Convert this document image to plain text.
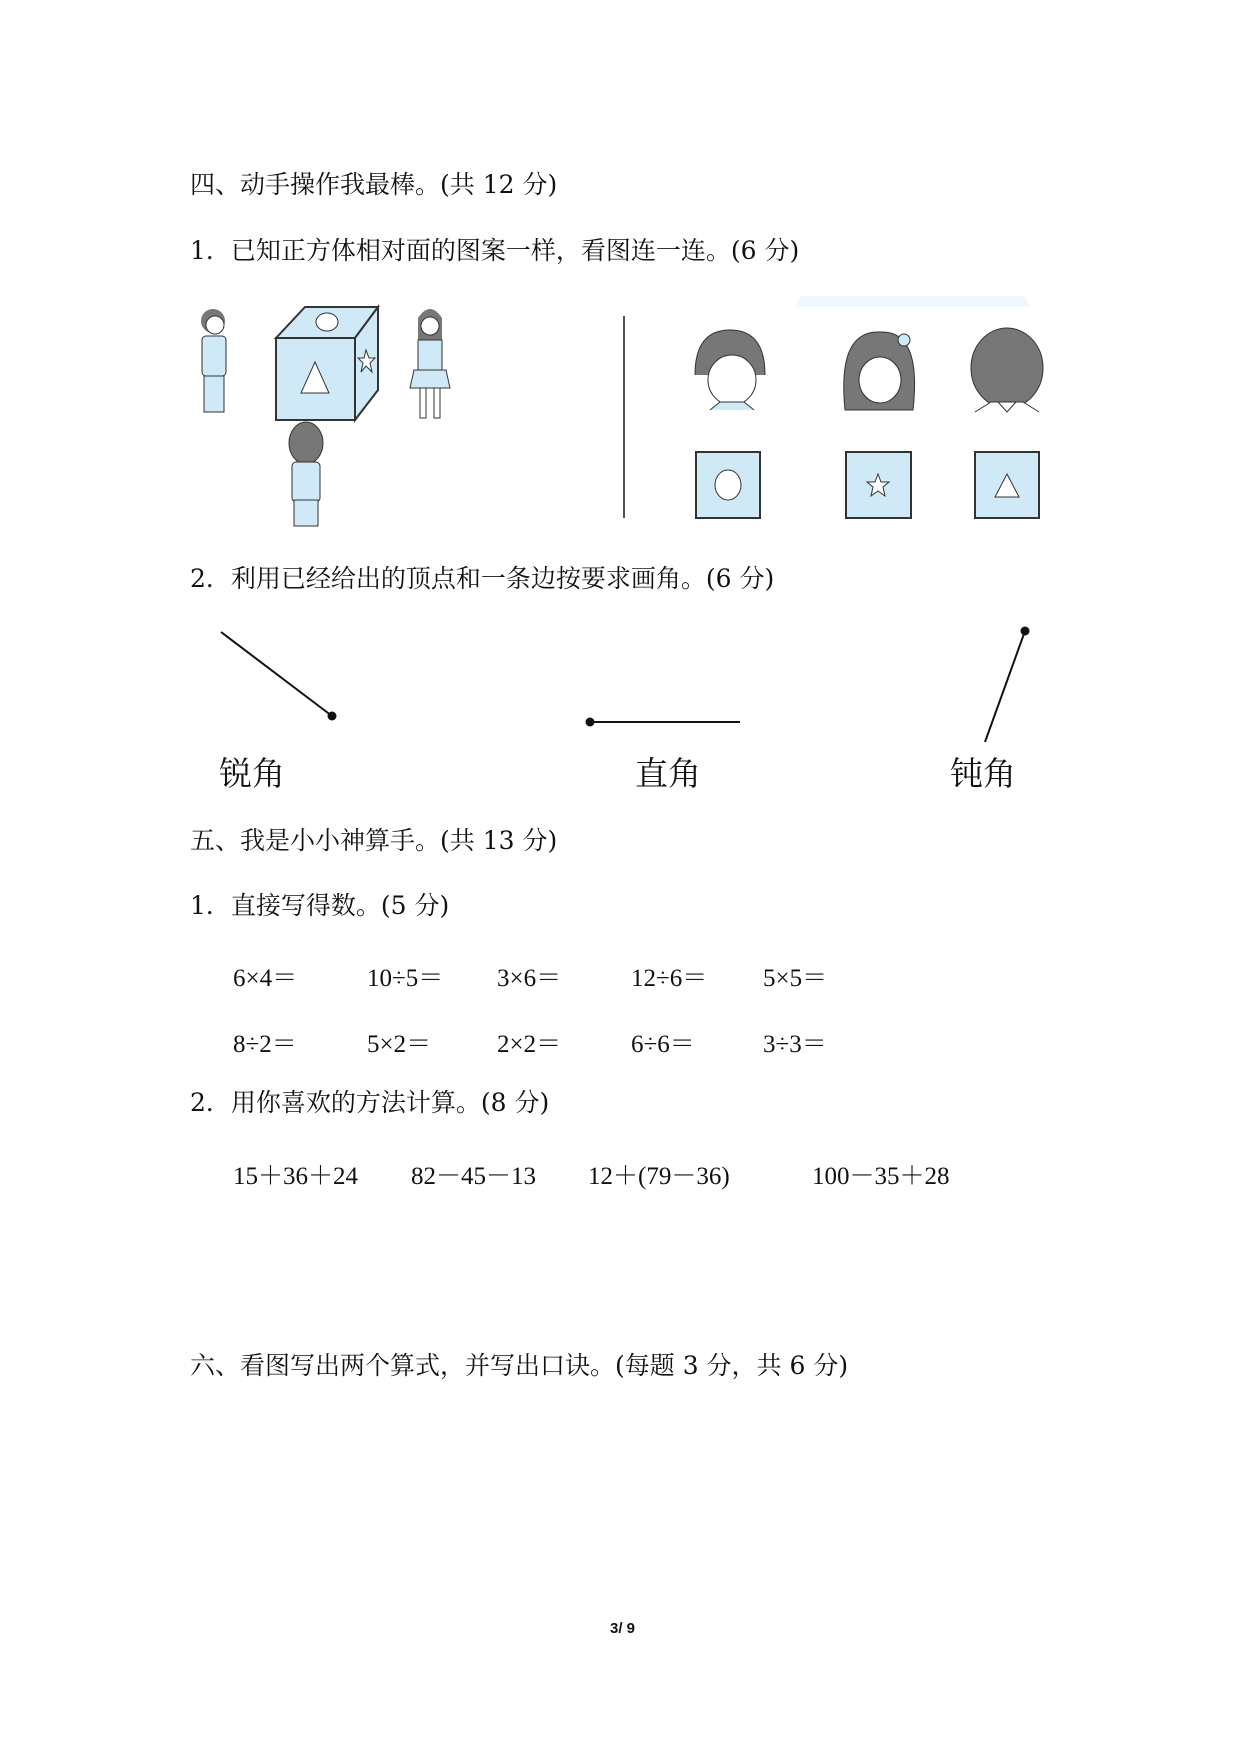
四、动手操作我最棒。(共 12 分)
1．已知正方体相对面的图案一样，看图连一连。(6 分)
2．利用已经给出的顶点和一条边按要求画角。(6 分)
锐角	直角	钝角
五、我是小小神算手。(共 13 分)
1．直接写得数。(5 分)
6×4＝	10÷5＝ 3×6＝	12÷6＝ 5×5＝
8÷2＝	5×2＝	2×2＝	6÷6＝	3÷3＝
2．用你喜欢的方法计算。(8 分)
15＋36＋24 82－45－13 12＋(79－36)	100－35＋28
六、看图写出两个算式，并写出口诀。(每题 3 分，共 6 分)
3/ 9
